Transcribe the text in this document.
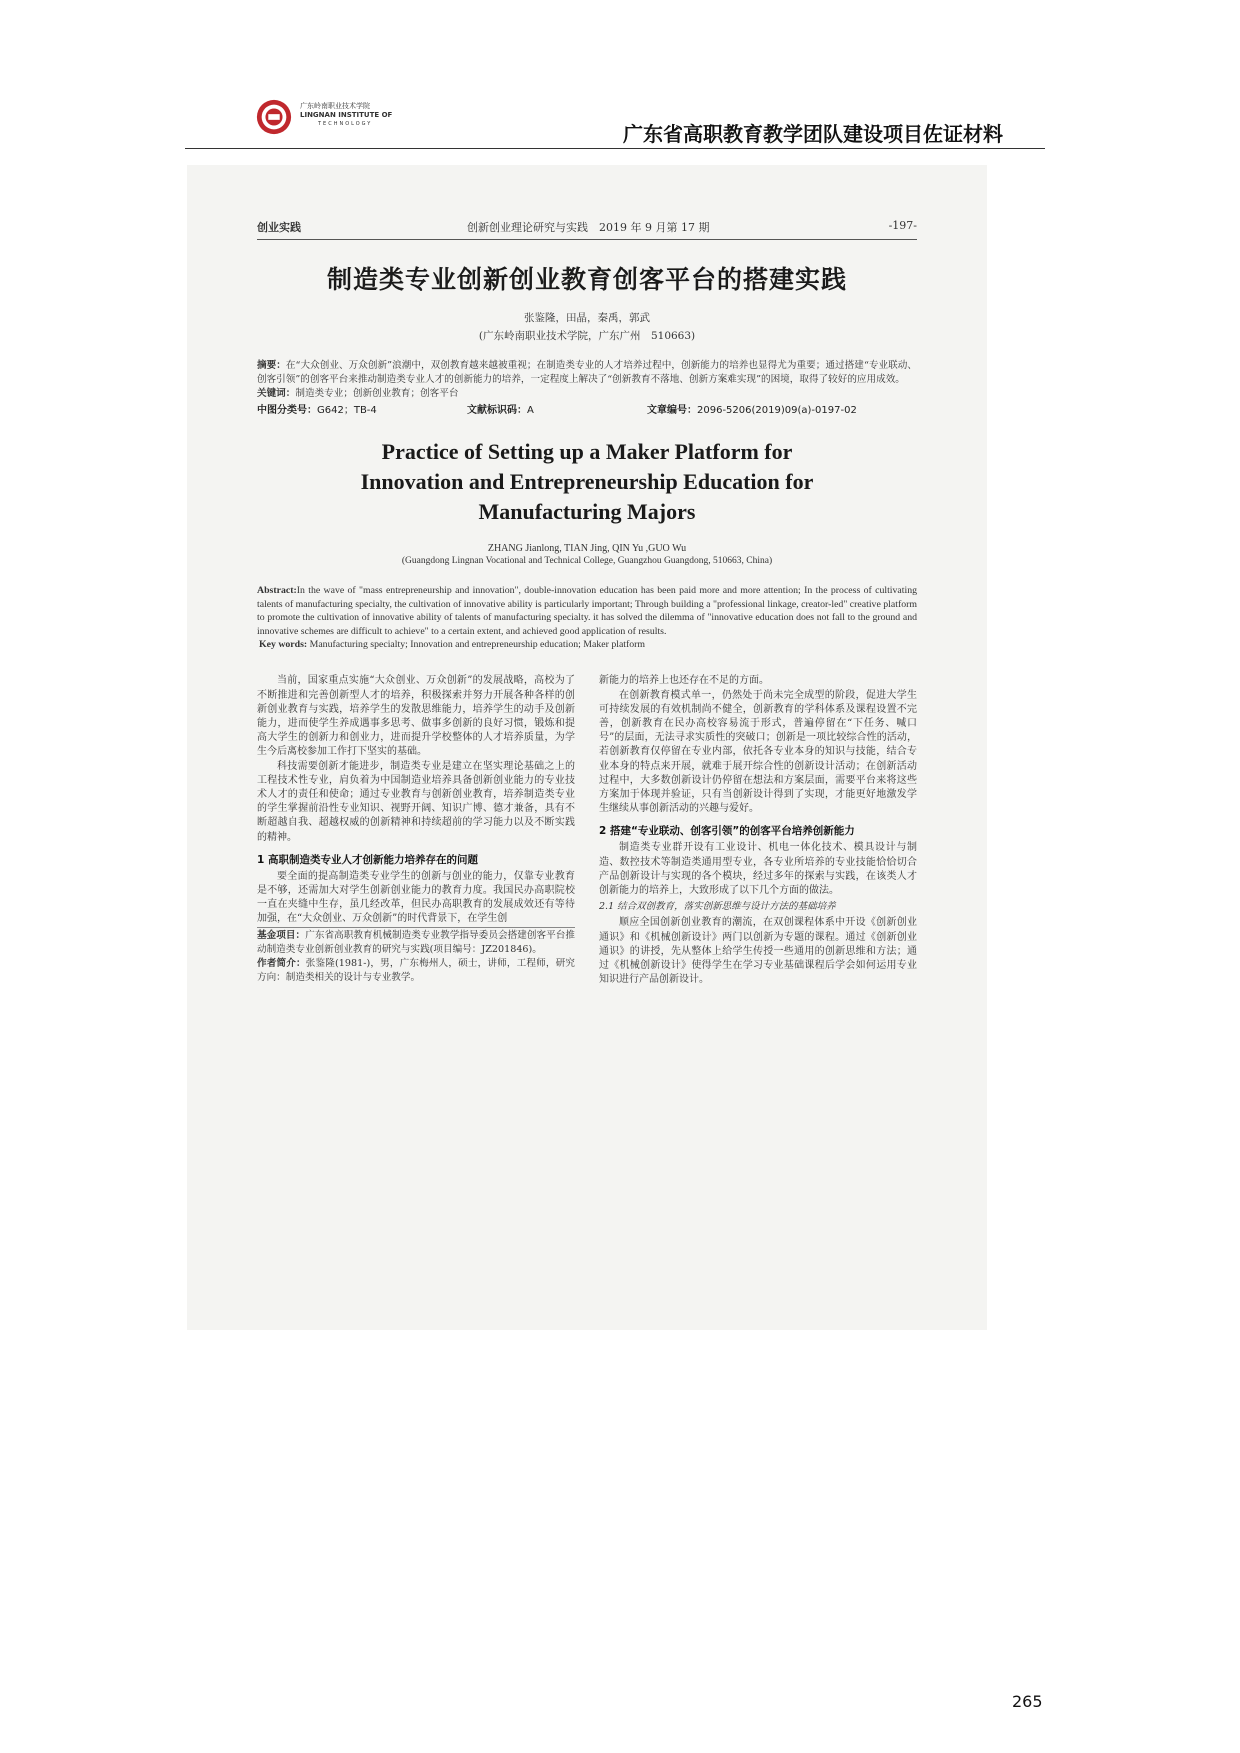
广东岭南职业技术学院
LINGNAN INSTITUTE OF
TECHNOLOGY	广东省高职教育教学团队建设项目佐证材料
创业实践	创新创业理论研究与实践　2019 年 9 月第 17 期	-197-
制造类专业创新创业教育创客平台的搭建实践
张鉴隆，田晶，秦禹，郭武
(广东岭南职业技术学院，广东广州　510663)
摘要：在“大众创业、万众创新”浪潮中，双创教育越来越被重视；在制造类专业的人才培养过程中，创新能力的培养也显得尤为重要；通过搭建“专业联动、创客引领”的创客平台来推动制造类专业人才的创新能力的培养，一定程度上解决了“创新教育不落地、创新方案难实现”的困境，取得了较好的应用成效。
关键词：制造类专业；创新创业教育；创客平台
中图分类号：G642；TB-4	文献标识码：A	文章编号：2096-5206(2019)09(a)-0197-02
Practice of Setting up a Maker Platform for
Innovation and Entrepreneurship Education for
Manufacturing Majors
ZHANG Jianlong, TIAN Jing, QIN Yu ,GUO Wu
(Guangdong Lingnan Vocational and Technical College, Guangzhou Guangdong, 510663, China)
Abstract:In the wave of "mass entrepreneurship and innovation", double-innovation education has been paid more and more attention; In the process of cultivating talents of manufacturing specialty, the cultivation of innovative ability is particularly important; Through building a "professional linkage, creator-led" creative platform to promote the cultivation of innovative ability of talents of manufacturing specialty. it has solved the dilemma of "innovative education does not fall to the ground and innovative schemes are difficult to achieve" to a certain extent, and achieved good application of results.
Key words: Manufacturing specialty; Innovation and entrepreneurship education; Maker platform

当前，国家重点实施“大众创业、万众创新”的发展战略，高校为了不断推进和完善创新型人才的培养，积极探索并努力开展各种各样的创新创业教育与实践，培养学生的发散思维能力，培养学生的动手及创新能力，进而使学生养成遇事多思考、做事多创新的良好习惯，锻炼和提高大学生的创新力和创业力，进而提升学校整体的人才培养质量，为学生今后离校参加工作打下坚实的基础。

科技需要创新才能进步，制造类专业是建立在坚实理论基础之上的工程技术性专业，肩负着为中国制造业培养具备创新创业能力的专业技术人才的责任和使命；通过专业教育与创新创业教育，培养制造类专业的学生掌握前沿性专业知识、视野开阔、知识广博、德才兼备，具有不断超越自我、超越权威的创新精神和持续超前的学习能力以及不断实践的精神。

1 高职制造类专业人才创新能力培养存在的问题

要全面的提高制造类专业学生的创新与创业的能力，仅靠专业教育是不够，还需加大对学生创新创业能力的教育力度。我国民办高职院校一直在夹缝中生存，虽几经改革，但民办高职教育的发展成效还有等待加强，在“大众创业、万众创新”的时代背景下，在学生创

基金项目：广东省高职教育机械制造类专业教学指导委员会搭建创客平台推动制造类专业创新创业教育的研究与实践(项目编号：JZ201846)。
作者简介：张鉴隆(1981-)，男，广东梅州人，硕士，讲师，工程师，研究方向：制造类相关的设计与专业教学。

新能力的培养上也还存在不足的方面。

在创新教育模式单一，仍然处于尚未完全成型的阶段，促进大学生可持续发展的有效机制尚不健全，创新教育的学科体系及课程设置不完善，创新教育在民办高校容易流于形式，普遍停留在“下任务、喊口号”的层面，无法寻求实质性的突破口；创新是一项比较综合性的活动，若创新教育仅停留在专业内部，依托各专业本身的知识与技能，结合专业本身的特点来开展，就难于展开综合性的创新设计活动；在创新活动过程中，大多数创新设计仍停留在想法和方案层面，需要平台来将这些方案加于体现并验证，只有当创新设计得到了实现，才能更好地激发学生继续从事创新活动的兴趣与爱好。

2 搭建“专业联动、创客引领”的创客平台培养创新能力

制造类专业群开设有工业设计、机电一体化技术、模具设计与制造、数控技术等制造类通用型专业，各专业所培养的专业技能恰恰切合产品创新设计与实现的各个模块，经过多年的探索与实践，在该类人才创新能力的培养上，大致形成了以下几个方面的做法。

2.1 结合双创教育，落实创新思维与设计方法的基础培养

顺应全国创新创业教育的潮流，在双创课程体系中开设《创新创业通识》和《机械创新设计》两门以创新为专题的课程。通过《创新创业通识》的讲授，先从整体上给学生传授一些通用的创新思维和方法；通过《机械创新设计》使得学生在学习专业基础课程后学会如何运用专业知识进行产品创新设计。

265
